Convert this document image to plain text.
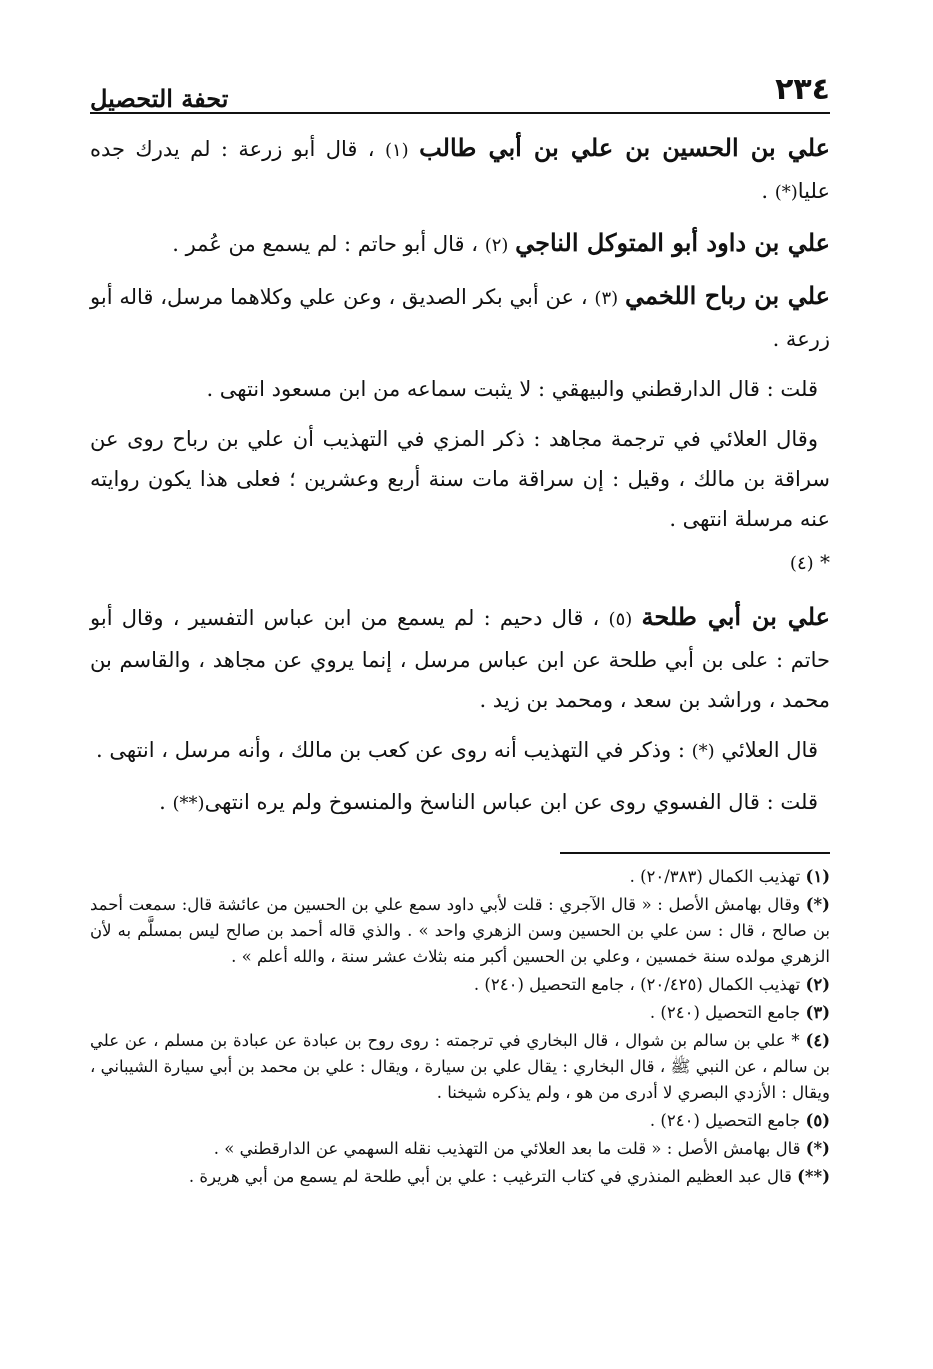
٢٣٤
تحفة التحصيل

علي بن الحسين بن علي بن أبي طالب (١) ، قال أبو زرعة : لم يدرك جده عليا(*) .

علي بن داود أبو المتوكل الناجي (٢) ، قال أبو حاتم : لم يسمع من عُمر .

علي بن رباح اللخمي (٣) ، عن أبي بكر الصديق ، وعن علي وكلاهما مرسل، قاله أبو زرعة .

قلت : قال الدارقطني والبيهقي : لا يثبت سماعه من ابن مسعود انتهى .

وقال العلائي في ترجمة مجاهد : ذكر المزي في التهذيب أن علي بن رباح روى عن سراقة بن مالك ، وقيل : إن سراقة مات سنة أربع وعشرين ؛ فعلى هذا يكون روايته عنه مرسلة انتهى .

* (٤)

علي بن أبي طلحة (٥) ، قال دحيم : لم يسمع من ابن عباس التفسير ، وقال أبو حاتم : على بن أبي طلحة عن ابن عباس مرسل ، إنما يروي عن مجاهد ، والقاسم بن محمد ، وراشد بن سعد ، ومحمد بن زيد .

قال العلائي (*) : وذكر في التهذيب أنه روى عن كعب بن مالك ، وأنه مرسل ، انتهى .

قلت : قال الفسوي روى عن ابن عباس الناسخ والمنسوخ ولم يره انتهى(**) .

(١) تهذيب الكمال (٢٠/٣٨٣) .

(*) وقال بهامش الأصل : « قال الآجري : قلت لأبي داود سمع علي بن الحسين من عائشة قال: سمعت أحمد بن صالح ، قال : سن علي بن الحسين وسن الزهري واحد » . والذي قاله أحمد بن صالح ليس بمسلَّم به لأن الزهري مولده سنة خمسين ، وعلي بن الحسين أكبر منه بثلاث عشر سنة ، والله أعلم » .

(٢) تهذيب الكمال (٢٠/٤٢٥) ، جامع التحصيل (٢٤٠) .

(٣) جامع التحصيل (٢٤٠) .

(٤) * علي بن سالم بن شوال ، قال البخاري في ترجمته : روى روح بن عبادة عن عبادة بن مسلم ، عن علي بن سالم ، عن النبي ﷺ ، قال البخاري : يقال علي بن سيارة ، ويقال : علي بن محمد بن أبي سيارة الشيباني ، ويقال : الأزدي البصري لا أدرى من هو ، ولم يذكره شيخنا .

(٥) جامع التحصيل (٢٤٠) .

(*) قال بهامش الأصل : « قلت ما بعد العلائي من التهذيب نقله السهمي عن الدارقطني » .

(**) قال عبد العظيم المنذري في كتاب الترغيب : علي بن أبي طلحة لم يسمع من أبي هريرة .
